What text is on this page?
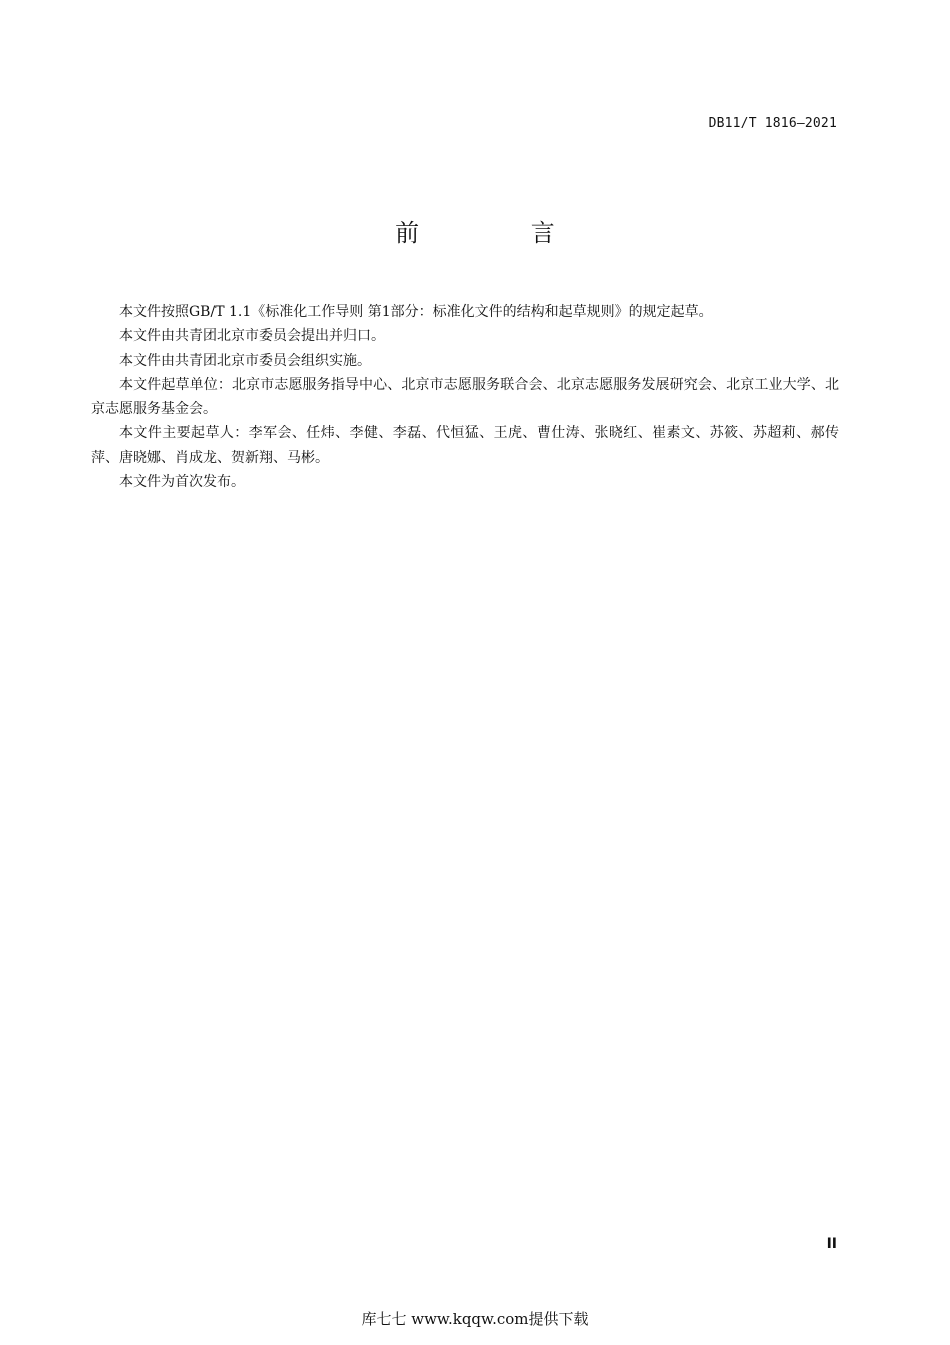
DB11/T 1816—2021
前 言

本文件按照GB/T 1.1《标准化工作导则 第1部分：标准化文件的结构和起草规则》的规定起草。

本文件由共青团北京市委员会提出并归口。

本文件由共青团北京市委员会组织实施。

本文件起草单位：北京市志愿服务指导中心、北京市志愿服务联合会、北京志愿服务发展研究会、北京工业大学、北京志愿服务基金会。

本文件主要起草人：李军会、任炜、李健、李磊、代恒猛、王虎、曹仕涛、张晓红、崔素文、苏筱、苏超莉、郝传萍、唐晓娜、肖成龙、贺新翔、马彬。

本文件为首次发布。

II
库七七 www.kqqw.com提供下载
